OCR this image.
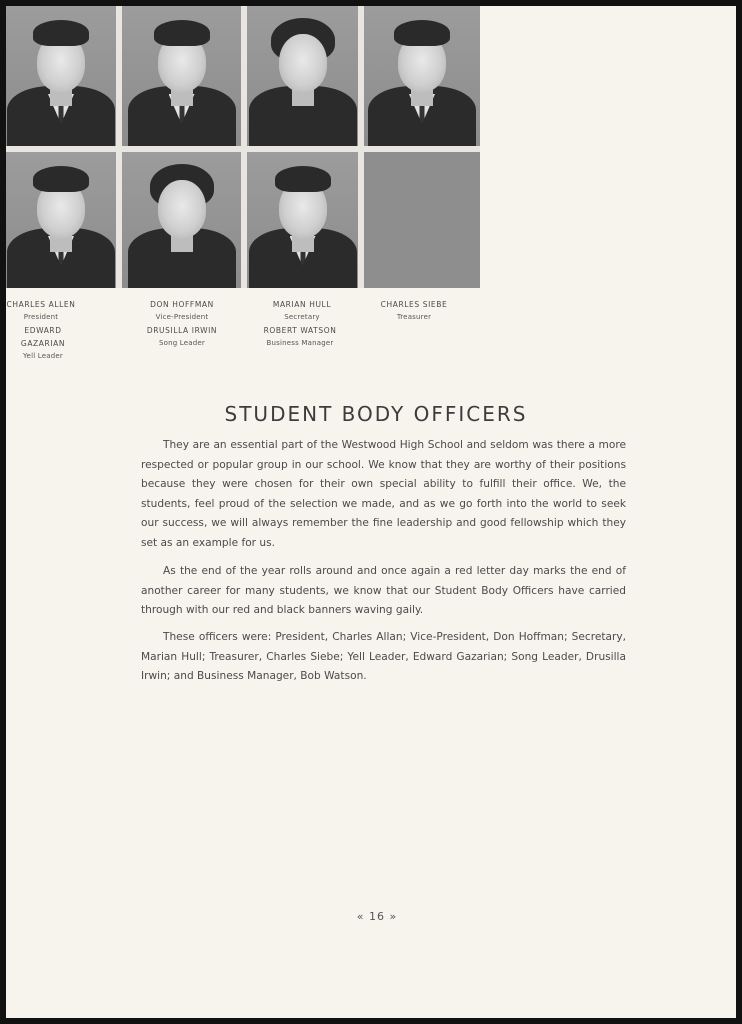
CHARLES ALLEN
President
DON HOFFMAN
Vice-President
MARIAN HULL
Secretary
CHARLES SIEBE
Treasurer
EDWARD GAZARIAN
Yell Leader
DRUSILLA IRWIN
Song Leader
ROBERT WATSON
Business Manager
STUDENT BODY OFFICERS

They are an essential part of the Westwood High School and seldom was there a more respected or popular group in our school. We know that they are worthy of their positions because they were chosen for their own special ability to fulfill their office. We, the students, feel proud of the selection we made, and as we go forth into the world to seek our success, we will always remember the fine leadership and good fellowship which they set as an example for us.

As the end of the year rolls around and once again a red letter day marks the end of another career for many students, we know that our Student Body Officers have carried through with our red and black banners waving gaily.

These officers were: President, Charles Allan; Vice-President, Don Hoffman; Secretary, Marian Hull; Treasurer, Charles Siebe; Yell Leader, Edward Gazarian; Song Leader, Drusilla Irwin; and Business Manager, Bob Watson.

« 16 »
